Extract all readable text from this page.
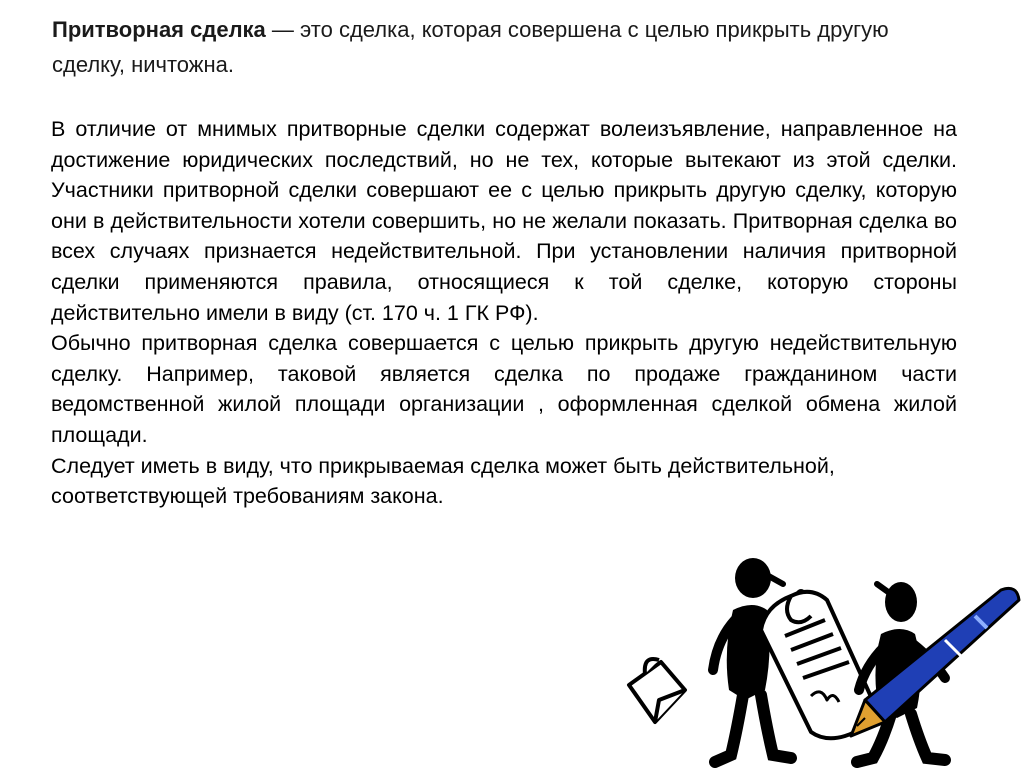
Притворная сделка — это сделка, которая совершена с целью прикрыть другую сделку, ничтожна.

В отличие от мнимых притворные сделки содержат волеизъявление, направленное на достижение юридических последствий, но не тех, которые вытекают из этой сделки. Участники притворной сделки совершают ее с целью прикрыть другую сделку, которую они в действительности хотели совершить, но не желали показать. Притворная сделка во всех случаях признается недействительной. При установлении наличия притворной сделки применяются правила, относящиеся к той сделке, которую стороны действительно имели в виду (ст. 170 ч. 1 ГК РФ).

Обычно притворная сделка совершается с целью прикрыть другую недействительную сделку. Например, таковой является сделка по продаже гражданином части ведомственной жилой площади организации , оформленная сделкой обмена жилой площади.

Следует иметь в виду, что прикрываемая сделка может быть действительной, соответствующей требованиям закона.
